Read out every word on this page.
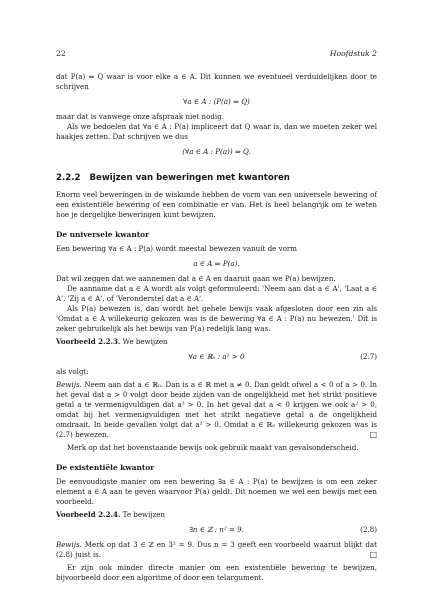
22	Hoofdstuk 2

dat P(a) ⇒ Q waar is voor elke a ∈ A. Dit kunnen we eventueel verduidelijken door te schrijven

∀a ∈ A : (P(a) ⇒ Q)

maar dat is vanwege onze afspraak niet nodig.

Als we bedoelen dat ∀a ∈ A : P(a) impliceert dat Q waar is, dan we moeten zeker wel haakjes zetten. Dat schrijven we dus

(∀a ∈ A : P(a)) ⇒ Q.
2.2.2 Bewijzen van beweringen met kwantoren

Enorm veel beweringen in de wiskunde hebben de vorm van een universele bewering of een existentiële bewering of een combinatie er van. Het is heel belangrijk om te weten hoe je dergelijke beweringen kunt bewijzen.

De universele kwantor

Een bewering ∀a ∈ A : P(a) wordt meestal bewezen vanuit de vorm

a ∈ A ⇒ P(a).

Dat wil zeggen dat we aannemen dat a ∈ A en daaruit gaan we P(a) bewijzen.

De aanname dat a ∈ A wordt als volgt geformuleerd: 'Neem aan dat a ∈ A', 'Laat a ∈ A', 'Zij a ∈ A', of 'Veronderstel dat a ∈ A'.

Als P(a) bewezen is, dan wordt het gehele bewijs vaak afgesloten door een zin als 'Omdat a ∈ A willekeurig gekozen was is de bewering ∀a ∈ A : P(a) nu bewezen.' Dit is zeker gebruikelijk als het bewijs van P(a) redelijk lang was.

Voorbeeld 2.2.3. We bewijzen

∀a ∈ ℝ₀ : a² > 0	(2.7)

als volgt:

Bewijs. Neem aan dat a ∈ ℝ₀. Dan is a ∈ ℝ met a ≠ 0. Dan geldt ofwel a < 0 of a > 0. In het geval dat a > 0 volgt door beide zijden van de ongelijkheid met het strikt positieve getal a te vermenigvuldigen dat a² > 0. In het geval dat a < 0 krijgen we ook a² > 0, omdat bij het vermenigvuldigen met het strikt negatieve getal a de ongelijkheid omdraait. In beide gevallen volgt dat a² > 0. Omdat a ∈ ℝ₀ willekeurig gekozen was is (2.7) bewezen.	□

Merk op dat het bovenstaande bewijs ook gebruik maakt van gevalsonderscheid.

De existentiële kwantor

De eenvoudigste manier om een bewering ∃a ∈ A : P(a) te bewijzen is om een zeker element a ∈ A aan te geven waarvoor P(a) geldt. Dit noemen we wel een bewijs met een voorbeeld.

Voorbeeld 2.2.4. Te bewijzen

∃n ∈ ℤ : n² = 9.	(2.8)

Bewijs. Merk op dat 3 ∈ ℤ en 3² = 9. Dus n = 3 geeft een voorbeeld waaruit blijkt dat (2.8) juist is.	□

Er zijn ook minder directe manier om een existentiële bewering te bewijzen, bijvoorbeeld door een algoritme of door een telargument.
